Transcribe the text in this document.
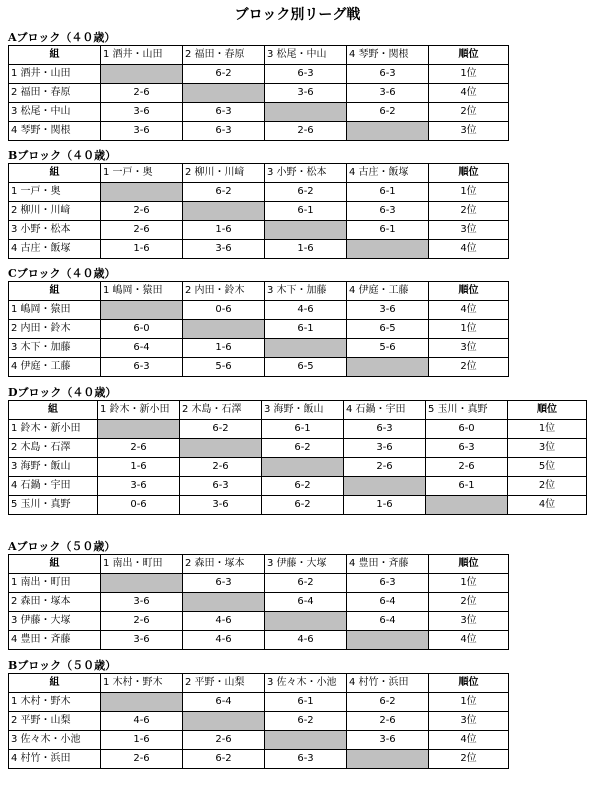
ブロック別リーグ戦
Aブロック（４０歳）
組	1 酒井・山田	2 福田・春原	3 松尾・中山	4 琴野・関根	順位
1 酒井・山田		6-2	6-3	6-3	1位
2 福田・春原	2-6		3-6	3-6	4位
3 松尾・中山	3-6	6-3		6-2	2位
4 琴野・関根	3-6	6-3	2-6		3位
Bブロック（４０歳）
組	1 一戸・奥	2 柳川・川﨑	3 小野・松本	4 古庄・飯塚	順位
1 一戸・奥		6-2	6-2	6-1	1位
2 柳川・川﨑	2-6		6-1	6-3	2位
3 小野・松本	2-6	1-6		6-1	3位
4 古庄・飯塚	1-6	3-6	1-6		4位
Cブロック（４０歳）
組	1 嶋岡・猿田	2 内田・鈴木	3 木下・加藤	4 伊庭・工藤	順位
1 嶋岡・猿田		0-6	4-6	3-6	4位
2 内田・鈴木	6-0		6-1	6-5	1位
3 木下・加藤	6-4	1-6		5-6	3位
4 伊庭・工藤	6-3	5-6	6-5		2位
Dブロック（４０歳）
組	1 鈴木・新小田	2 木島・石澤	3 海野・飯山	4 石鍋・宇田	5 玉川・真野	順位
1 鈴木・新小田		6-2	6-1	6-3	6-0	1位
2 木島・石澤	2-6		6-2	3-6	6-3	3位
3 海野・飯山	1-6	2-6		2-6	2-6	5位
4 石鍋・宇田	3-6	6-3	6-2		6-1	2位
5 玉川・真野	0-6	3-6	6-2	1-6		4位
Aブロック（５０歳）
組	1 南出・町田	2 森田・塚本	3 伊藤・大塚	4 豊田・斉藤	順位
1 南出・町田		6-3	6-2	6-3	1位
2 森田・塚本	3-6		6-4	6-4	2位
3 伊藤・大塚	2-6	4-6		6-4	3位
4 豊田・斉藤	3-6	4-6	4-6		4位
Bブロック（５０歳）
組	1 木村・野木	2 平野・山梨	3 佐々木・小池	4 村竹・浜田	順位
1 木村・野木		6-4	6-1	6-2	1位
2 平野・山梨	4-6		6-2	2-6	3位
3 佐々木・小池	1-6	2-6		3-6	4位
4 村竹・浜田	2-6	6-2	6-3		2位
